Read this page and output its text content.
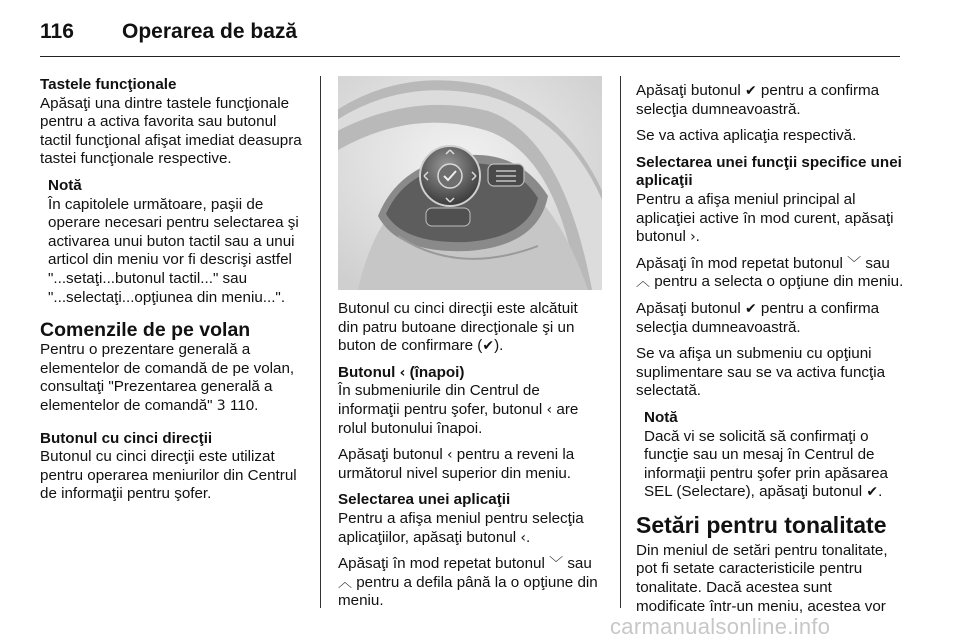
116 Operarea de bază

Tastele funcţionale

Apăsaţi una dintre tastele funcţionale pentru a activa favorita sau butonul tactil funcţional afişat imediat deasupra tastei funcţionale respective.

Notă
În capitolele următoare, paşii de operare necesari pentru selectarea şi activarea unui buton tactil sau a unui articol din meniu vor fi descrişi astfel "...setaţi...butonul tactil..." sau "...selectaţi...opţiunea din meniu...".
Comenzile de pe volan

Pentru o prezentare generală a elementelor de comandă de pe volan, consultaţi "Prezentarea generală a elementelor de comandă" 3 110.

Butonul cu cinci direcţii

Butonul cu cinci direcţii este utilizat pentru operarea meniurilor din Centrul de informaţii pentru şofer.

Butonul cu cinci direcţii este alcătuit din patru butoane direcţionale şi un buton de confirmare (✔).

Butonul ‹ (înapoi)

În submeniurile din Centrul de informaţii pentru şofer, butonul ‹ are rolul butonului înapoi.

Apăsaţi butonul ‹ pentru a reveni la următorul nivel superior din meniu.

Selectarea unei aplicaţii

Pentru a afişa meniul pentru selecţia aplicaţiilor, apăsaţi butonul ‹.

Apăsaţi în mod repetat butonul ﹀ sau ︿ pentru a defila până la o opţiune din meniu.

Apăsaţi butonul ✔ pentru a confirma selecţia dumneavoastră.

Se va activa aplicaţia respectivă.

Selectarea unei funcţii specifice unei aplicaţii

Pentru a afişa meniul principal al aplicaţiei active în mod curent, apăsaţi butonul ›.

Apăsaţi în mod repetat butonul ﹀ sau ︿ pentru a selecta o opţiune din meniu.

Apăsaţi butonul ✔ pentru a confirma selecţia dumneavoastră.

Se va afişa un submeniu cu opţiuni suplimentare sau se va activa funcţia selectată.

Notă
Dacă vi se solicită să confirmaţi o funcţie sau un mesaj în Centrul de informaţii pentru şofer prin apăsarea SEL (Selectare), apăsaţi butonul ✔.
Setări pentru tonalitate

Din meniul de setări pentru tonalitate, pot fi setate caracteristicile pentru tonalitate. Dacă acestea sunt modificate într-un meniu, acestea vor

carmanualsonline.info
